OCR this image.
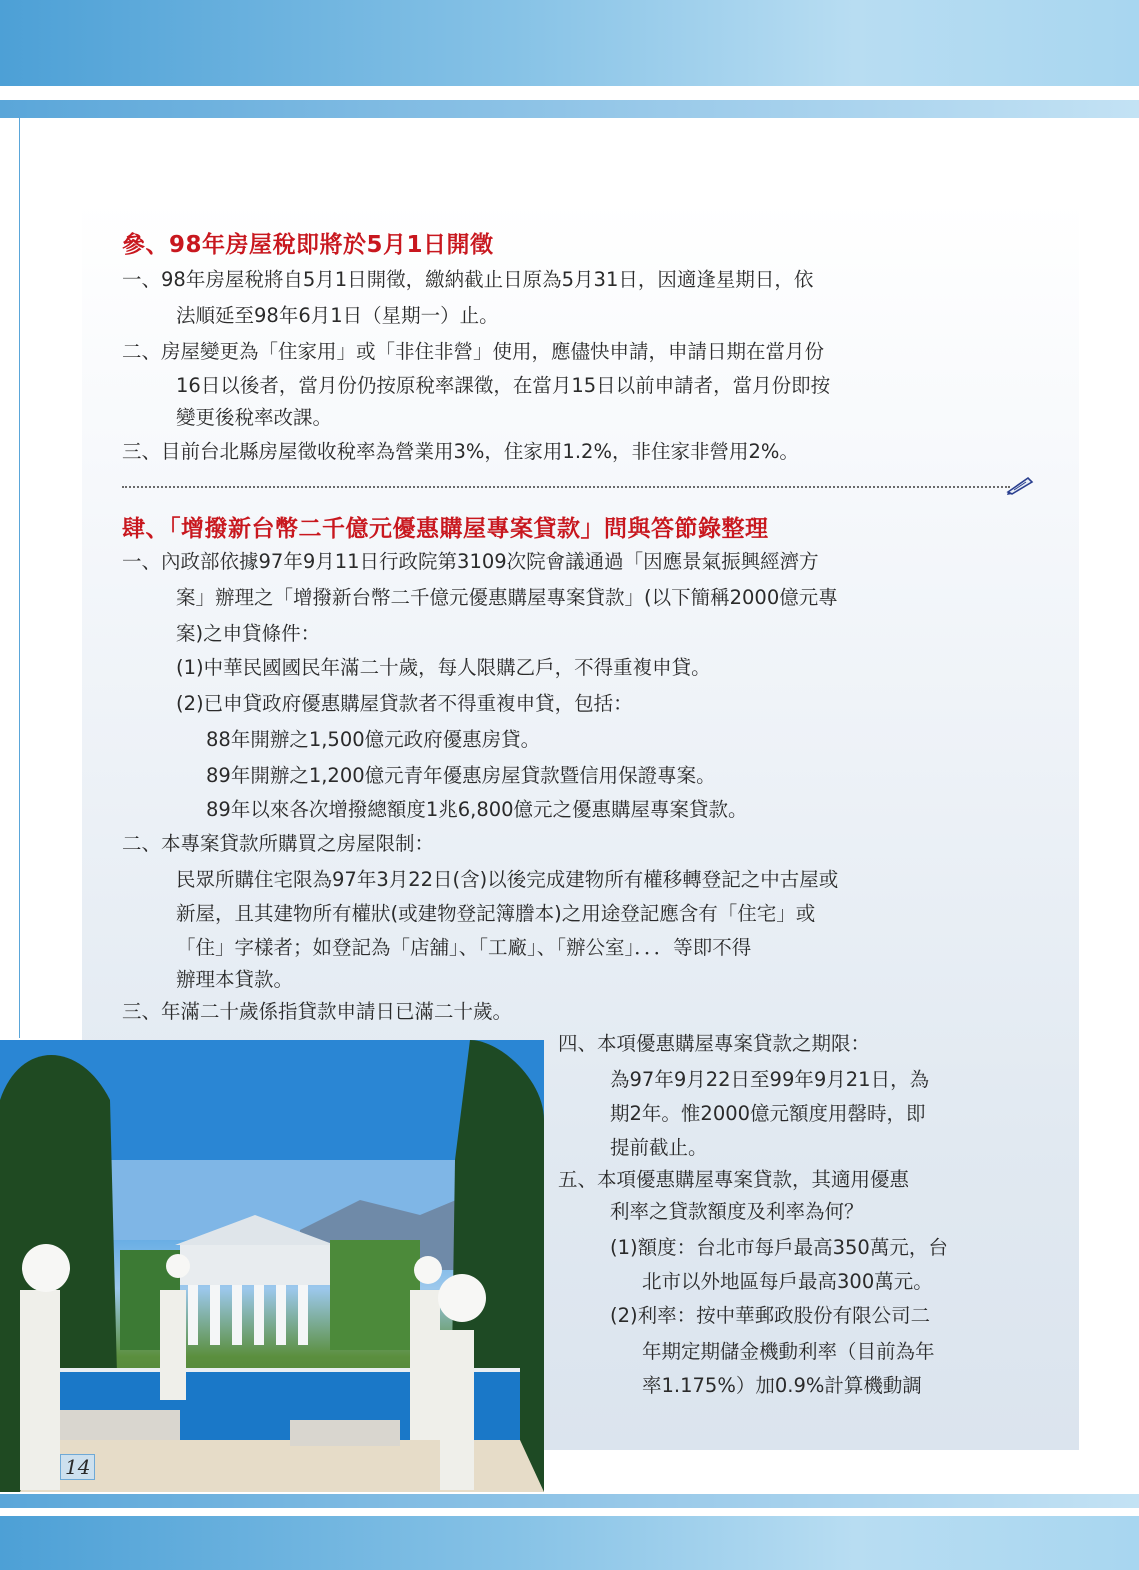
參、98年房屋稅即將於5月1日開徵

一、98年房屋稅將自5月1日開徵，繳納截止日原為5月31日，因適逢星期日，依

法順延至98年6月1日（星期一）止。

二、房屋變更為「住家用」或「非住非營」使用，應儘快申請，申請日期在當月份

16日以後者，當月份仍按原稅率課徵，在當月15日以前申請者，當月份即按

變更後稅率改課。

三、目前台北縣房屋徵收稅率為營業用3%，住家用1.2%，非住家非營用2%。

肆、「增撥新台幣二千億元優惠購屋專案貸款」問與答節錄整理

一、內政部依據97年9月11日行政院第3109次院會議通過「因應景氣振興經濟方

案」辦理之「增撥新台幣二千億元優惠購屋專案貸款」(以下簡稱2000億元專

案)之申貸條件：

(1)中華民國國民年滿二十歲，每人限購乙戶，不得重複申貸。

(2)已申貸政府優惠購屋貸款者不得重複申貸，包括：

88年開辦之1,500億元政府優惠房貸。

89年開辦之1,200億元青年優惠房屋貸款暨信用保證專案。

89年以來各次增撥總額度1兆6,800億元之優惠購屋專案貸款。

二、本專案貸款所購買之房屋限制：

民眾所購住宅限為97年3月22日(含)以後完成建物所有權移轉登記之中古屋或

新屋，且其建物所有權狀(或建物登記簿謄本)之用途登記應含有「住宅」或

「住」字樣者；如登記為「店舖」、「工廠」、「辦公室」．．．等即不得

辦理本貸款。

三、年滿二十歲係指貸款申請日已滿二十歲。

四、本項優惠購屋專案貸款之期限：

為97年9月22日至99年9月21日，為

期2年。惟2000億元額度用罄時，即

提前截止。

五、本項優惠購屋專案貸款，其適用優惠

利率之貸款額度及利率為何？

(1)額度：台北市每戶最高350萬元，台

北市以外地區每戶最高300萬元。

(2)利率：按中華郵政股份有限公司二

年期定期儲金機動利率（目前為年

率1.175%）加0.9%計算機動調

14
